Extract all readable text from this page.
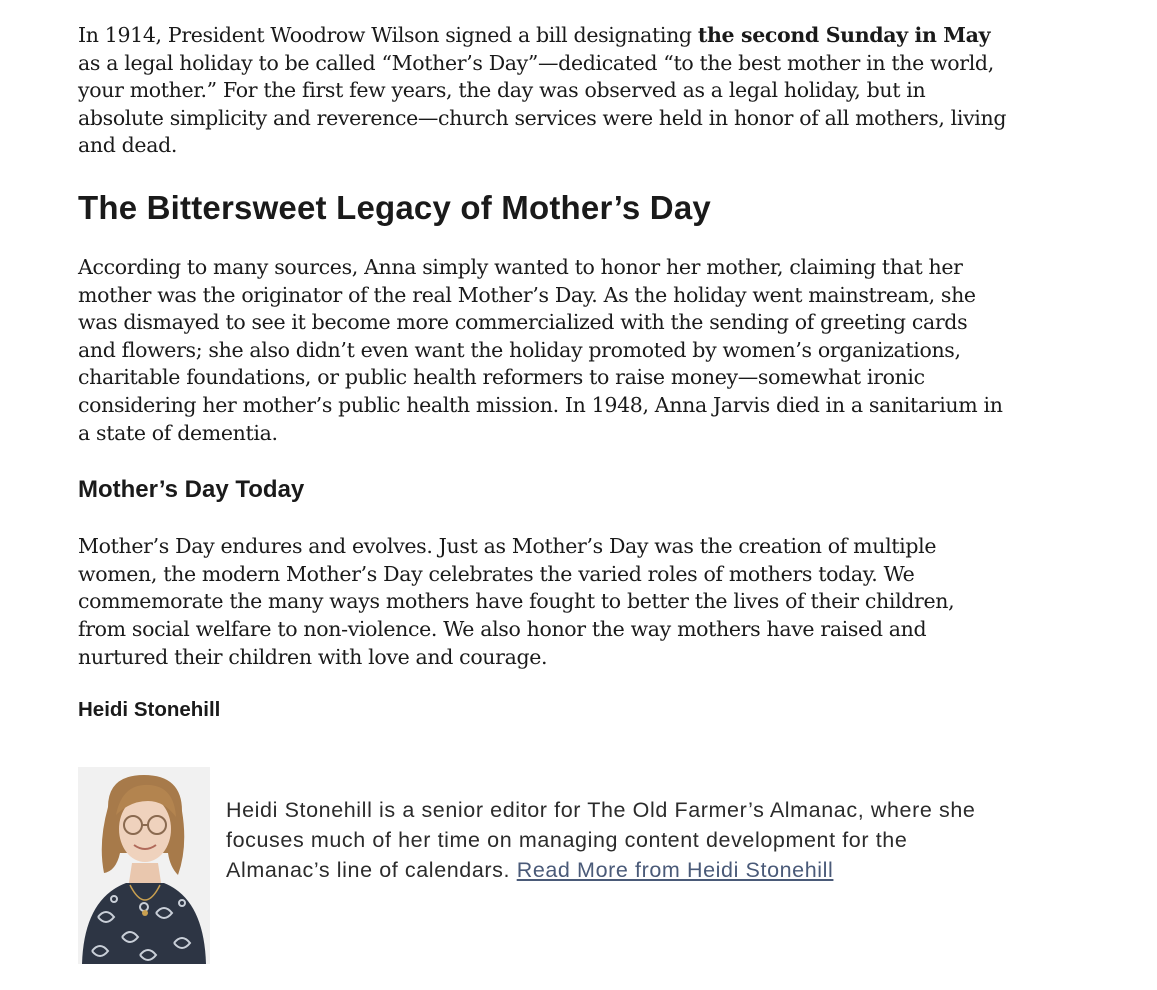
In 1914, President Woodrow Wilson signed a bill designating the second Sunday in May as a legal holiday to be called “Mother’s Day”—dedicated “to the best mother in the world, your mother.” For the first few years, the day was observed as a legal holiday, but in absolute simplicity and reverence—church services were held in honor of all mothers, living and dead.

The Bittersweet Legacy of Mother’s Day

According to many sources, Anna simply wanted to honor her mother, claiming that her mother was the originator of the real Mother’s Day. As the holiday went mainstream, she was dismayed to see it become more commercialized with the sending of greeting cards and flowers; she also didn’t even want the holiday promoted by women’s organizations, charitable foundations, or public health reformers to raise money—somewhat ironic considering her mother’s public health mission. In 1948, Anna Jarvis died in a sanitarium in a state of dementia.

Mother’s Day Today

Mother’s Day endures and evolves. Just as Mother’s Day was the creation of multiple women, the modern Mother’s Day celebrates the varied roles of mothers today. We commemorate the many ways mothers have fought to better the lives of their children, from social welfare to non-violence. We also honor the way mothers have raised and nurtured their children with love and courage.

Heidi Stonehill

Heidi Stonehill is a senior editor for The Old Farmer’s Almanac, where she focuses much of her time on managing content development for the Almanac’s line of calendars. Read More from Heidi Stonehill
